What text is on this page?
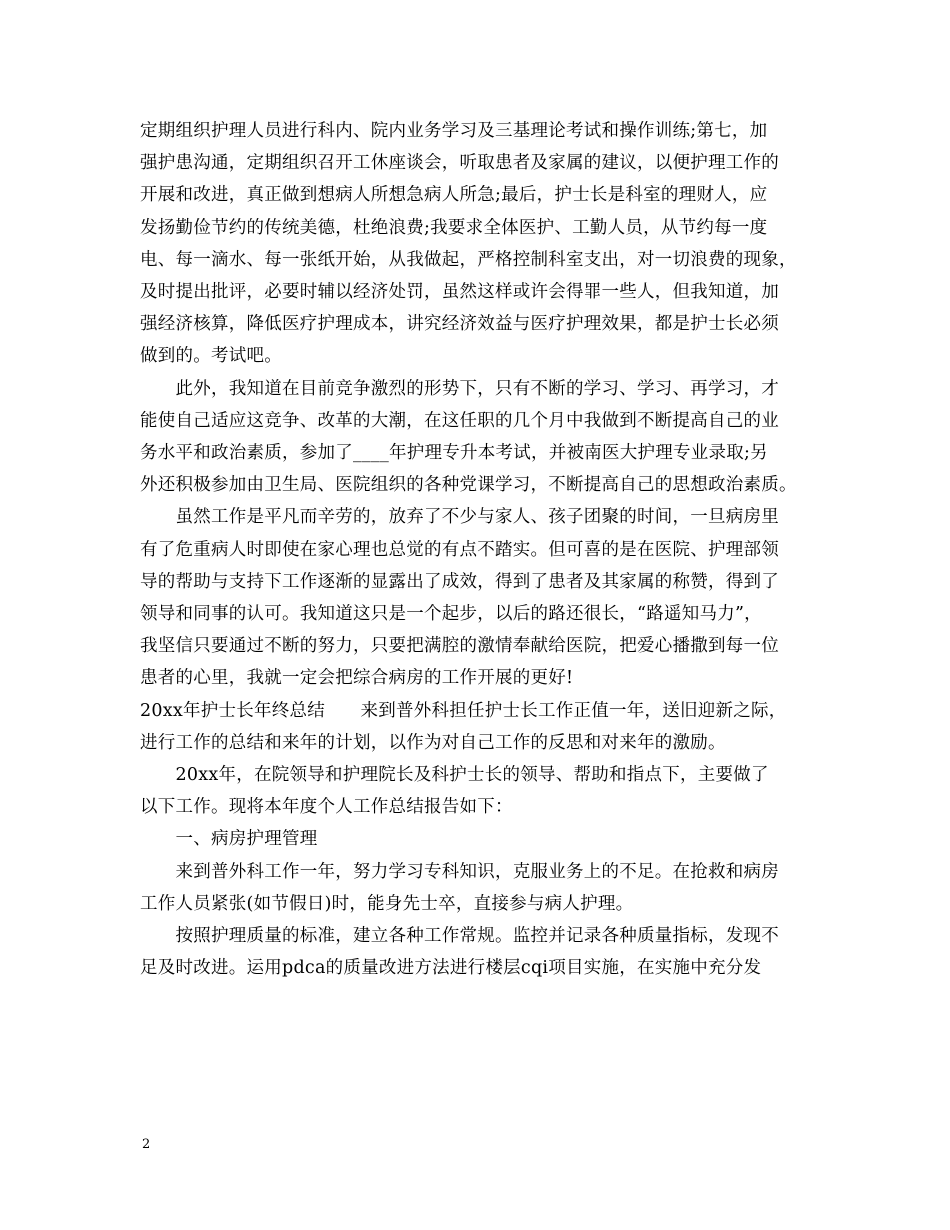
定期组织护理人员进行科内、院内业务学习及三基理论考试和操作训练;第七，加
强护患沟通，定期组织召开工休座谈会，听取患者及家属的建议，以便护理工作的
开展和改进，真正做到想病人所想急病人所急;最后，护士长是科室的理财人，应
发扬勤俭节约的传统美德，杜绝浪费;我要求全体医护、工勤人员，从节约每一度
电、每一滴水、每一张纸开始，从我做起，严格控制科室支出，对一切浪费的现象，
及时提出批评，必要时辅以经济处罚，虽然这样或许会得罪一些人，但我知道，加
强经济核算，降低医疗护理成本，讲究经济效益与医疗护理效果，都是护士长必须
做到的。考试吧。
　　此外，我知道在目前竞争激烈的形势下，只有不断的学习、学习、再学习，才
能使自己适应这竞争、改革的大潮，在这任职的几个月中我做到不断提高自己的业
务水平和政治素质，参加了____年护理专升本考试，并被南医大护理专业录取;另
外还积极参加由卫生局、医院组织的各种党课学习，不断提高自己的思想政治素质。
　　虽然工作是平凡而辛劳的，放弃了不少与家人、孩子团聚的时间，一旦病房里
有了危重病人时即使在家心理也总觉的有点不踏实。但可喜的是在医院、护理部领
导的帮助与支持下工作逐渐的显露出了成效，得到了患者及其家属的称赞，得到了
领导和同事的认可。我知道这只是一个起步，以后的路还很长，“路遥知马力”，
我坚信只要通过不断的努力，只要把满腔的激情奉献给医院，把爱心播撒到每一位
患者的心里，我就一定会把综合病房的工作开展的更好!
20xx年护士长年终总结　　来到普外科担任护士长工作正值一年，送旧迎新之际，
进行工作的总结和来年的计划，以作为对自己工作的反思和对来年的激励。
　　20xx年，在院领导和护理院长及科护士长的领导、帮助和指点下，主要做了
以下工作。现将本年度个人工作总结报告如下：
　　一、病房护理管理
　　来到普外科工作一年，努力学习专科知识，克服业务上的不足。在抢救和病房
工作人员紧张(如节假日)时，能身先士卒，直接参与病人护理。
　　按照护理质量的标准，建立各种工作常规。监控并记录各种质量指标，发现不
足及时改进。运用pdca的质量改进方法进行楼层cqi项目实施，在实施中充分发
2
